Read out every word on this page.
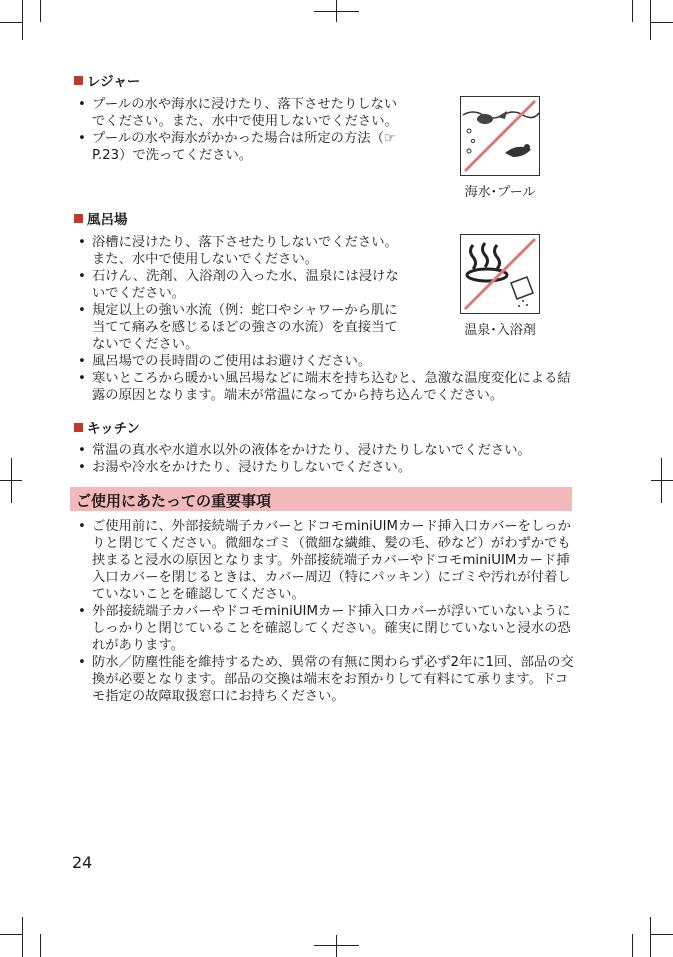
レジャー
• プールの水や海水に浸けたり、落下させたりしないでください。また、水中で使用しないでください。
• プールの水や海水がかかった場合は所定の方法（☞P.23）で洗ってください。
海水･プール
風呂場
• 浴槽に浸けたり、落下させたりしないでください。また、水中で使用しないでください。
• 石けん、洗剤、入浴剤の入った水、温泉には浸けないでください。
• 規定以上の強い水流（例：蛇口やシャワーから肌に当てて痛みを感じるほどの強さの水流）を直接当てないでください。
• 風呂場での長時間のご使用はお避けください。
• 寒いところから暖かい風呂場などに端末を持ち込むと、急激な温度変化による結露の原因となります。端末が常温になってから持ち込んでください。
温泉･入浴剤
キッチン
• 常温の真水や水道水以外の液体をかけたり、浸けたりしないでください。
• お湯や冷水をかけたり、浸けたりしないでください。
ご使用にあたっての重要事項
• ご使用前に、外部接続端子カバーとドコモminiUIMカード挿入口カバーをしっかりと閉じてください。微細なゴミ（微細な繊維、髪の毛、砂など）がわずかでも挟まると浸水の原因となります。外部接続端子カバーやドコモminiUIMカード挿入口カバーを閉じるときは、カバー周辺（特にパッキン）にゴミや汚れが付着していないことを確認してください。
• 外部接続端子カバーやドコモminiUIMカード挿入口カバーが浮いていないようにしっかりと閉じていることを確認してください。確実に閉じていないと浸水の恐れがあります。
• 防水／防塵性能を維持するため、異常の有無に関わらず必ず2年に1回、部品の交換が必要となります。部品の交換は端末をお預かりして有料にて承ります。ドコモ指定の故障取扱窓口にお持ちください。
24
